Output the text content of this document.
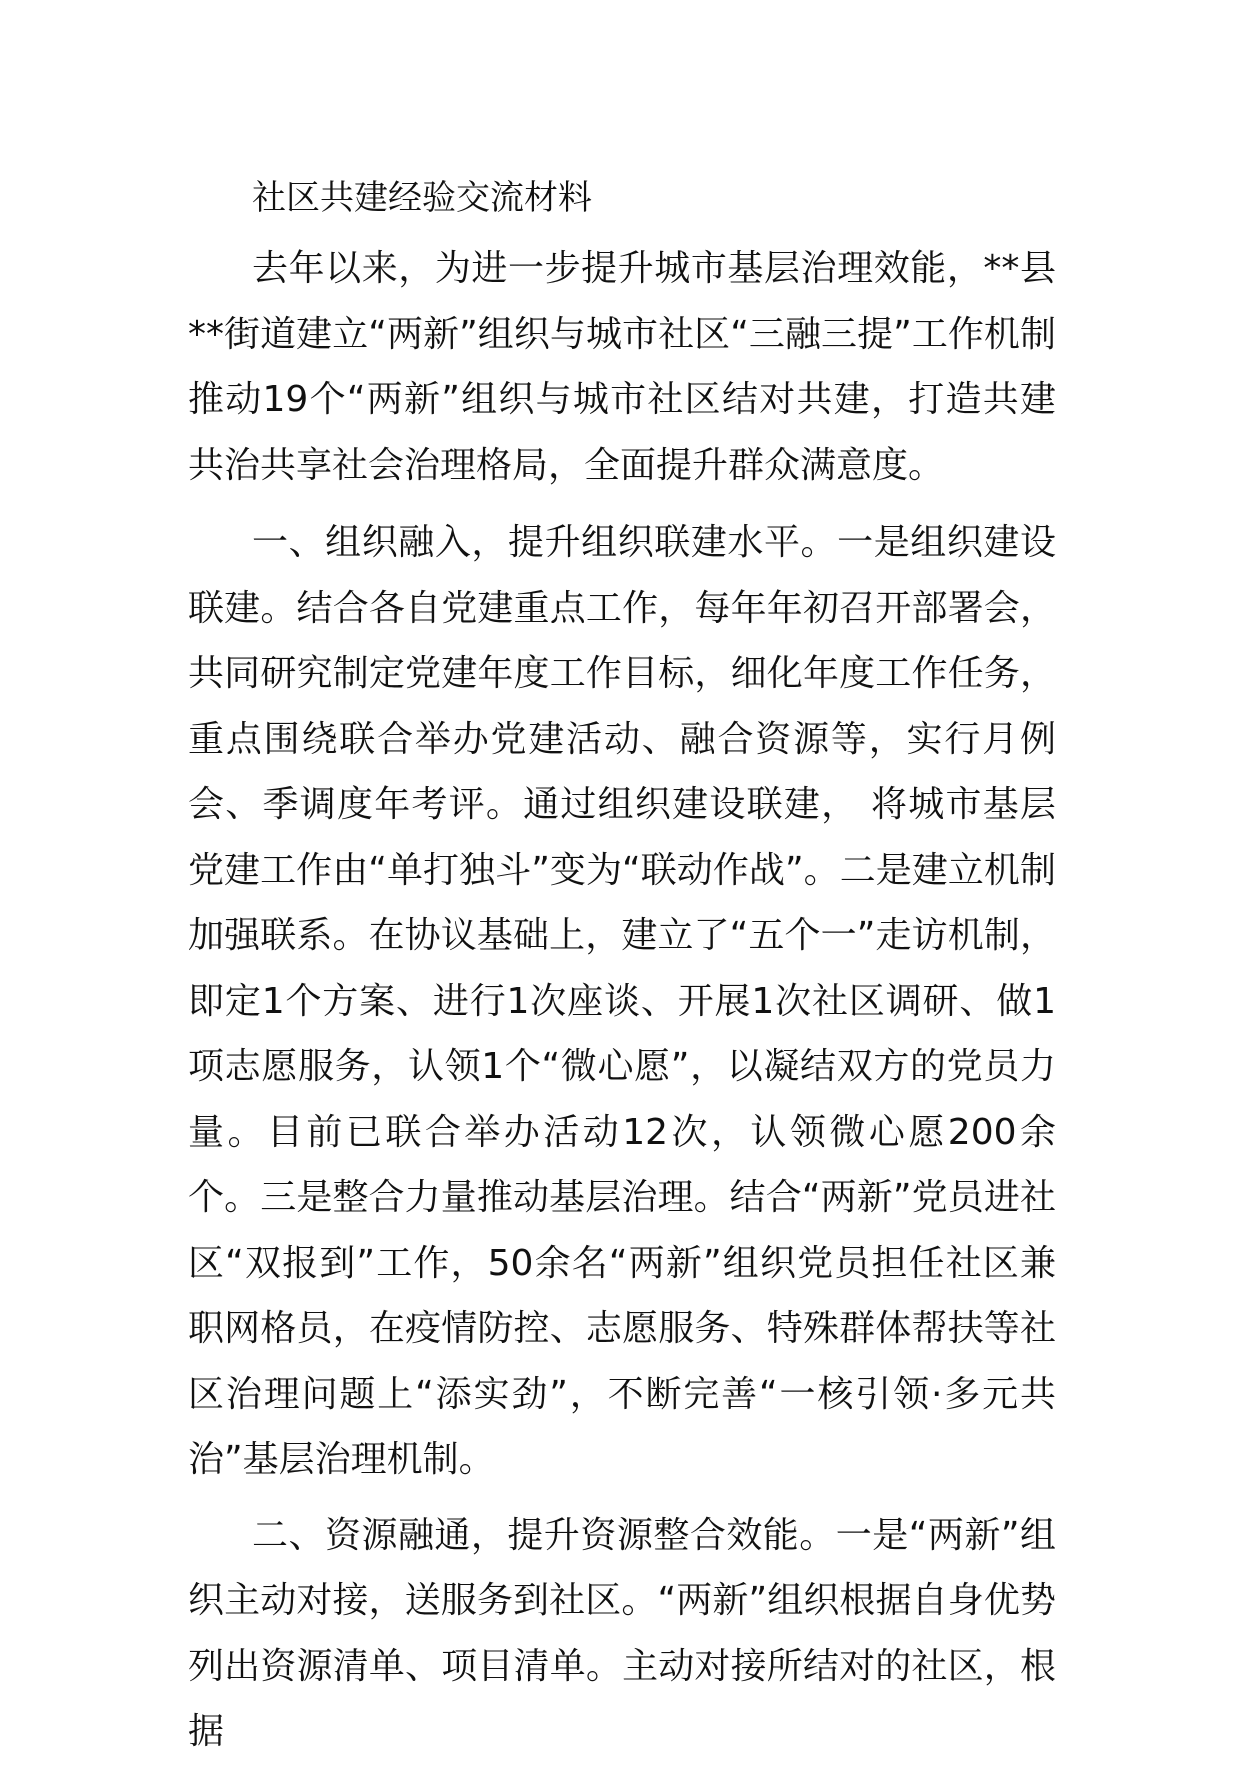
社区共建经验交流材料

去年以来，为进一步提升城市基层治理效能，**县**街道建立“两新”组织与城市社区“三融三提”工作机制推动19个“两新”组织与城市社区结对共建，打造共建共治共享社会治理格局，全面提升群众满意度。

一、组织融入，提升组织联建水平。一是组织建设联建。结合各自党建重点工作，每年年初召开部署会，共同研究制定党建年度工作目标，细化年度工作任务，重点围绕联合举办党建活动、融合资源等，实行月例会、季调度年考评。通过组织建设联建， 将城市基层党建工作由“单打独斗”变为“联动作战”。二是建立机制加强联系。在协议基础上，建立了“五个一”走访机制，即定1个方案、进行1次座谈、开展1次社区调研、做1项志愿服务，认领1个“微心愿”，以凝结双方的党员力量。目前已联合举办活动12次，认领微心愿200余个。三是整合力量推动基层治理。结合“两新”党员进社区“双报到”工作，50余名“两新”组织党员担任社区兼职网格员，在疫情防控、志愿服务、特殊群体帮扶等社区治理问题上“添实劲”，不断完善“一核引领·多元共治”基层治理机制。

二、资源融通，提升资源整合效能。一是“两新”组织主动对接，送服务到社区。“两新”组织根据自身优势列出资源清单、项目清单。主动对接所结对的社区，根据
